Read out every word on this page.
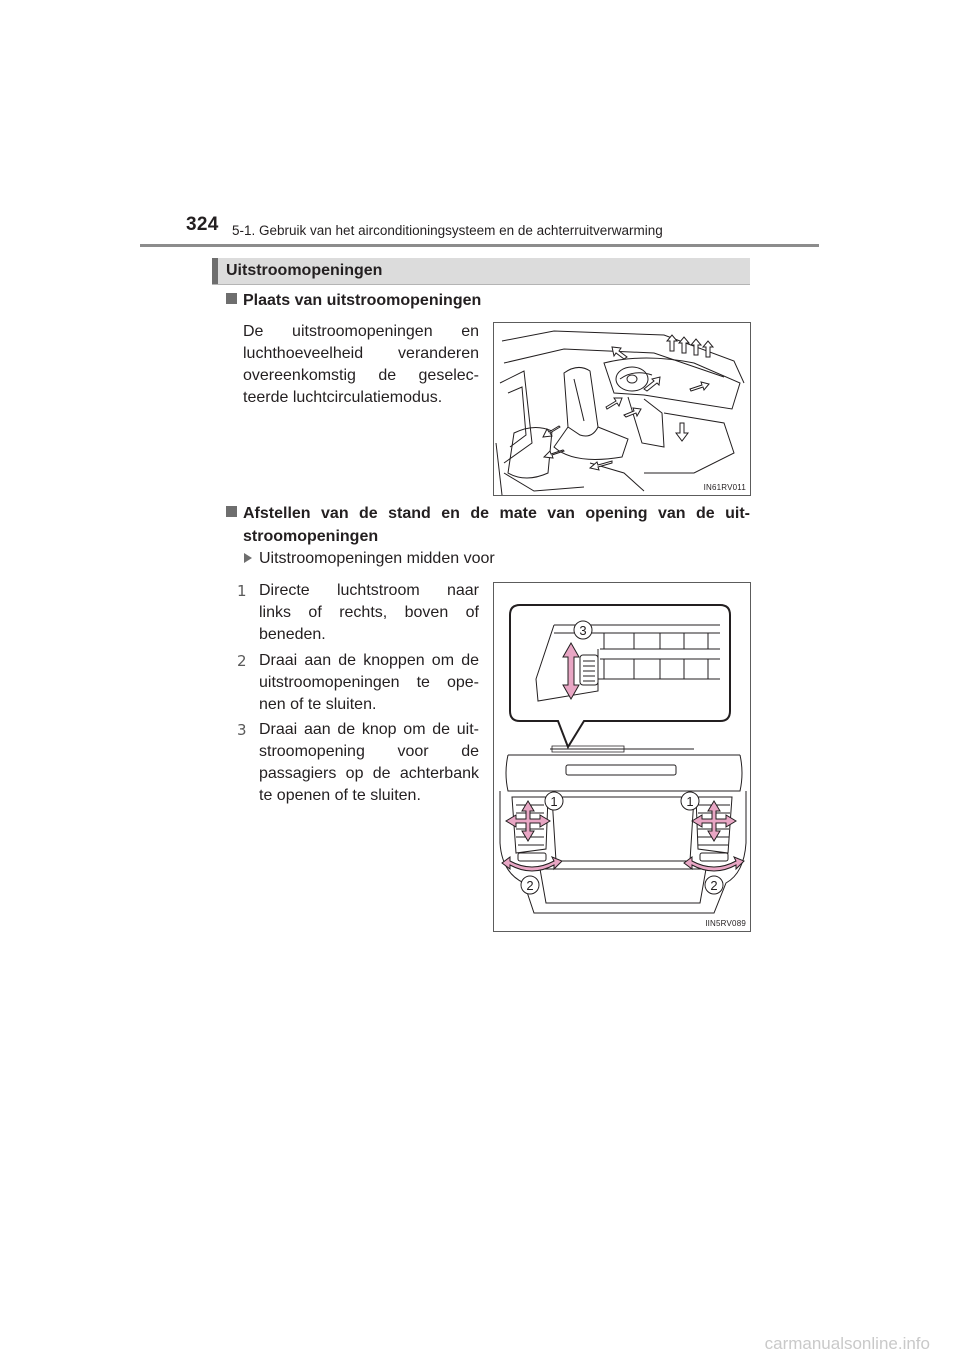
324 5-1. Gebruik van het airconditioningsysteem en de achterruitverwarming
Uitstroomopeningen
Plaats van uitstroomopeningen
De uitstroomopeningen en
luchthoeveelheid veranderen
overeenkomstig de geselec-
teerde luchtcirculatiemodus.
IN61RV011
Afstellen van de stand en de mate van opening van de uit-
stroomopeningen
Uitstroomopeningen midden voor
1 Directe luchtstroom naar
links of rechts, boven of
beneden.
2 Draai aan de knoppen om de
uitstroomopeningen te ope-
nen of te sluiten.
3 Draai aan de knop om de uit-
stroomopening voor de
passagiers op de achterbank
te openen of te sluiten.
3
1	1
2	2
IIN5RV089
carmanualsonline.info
